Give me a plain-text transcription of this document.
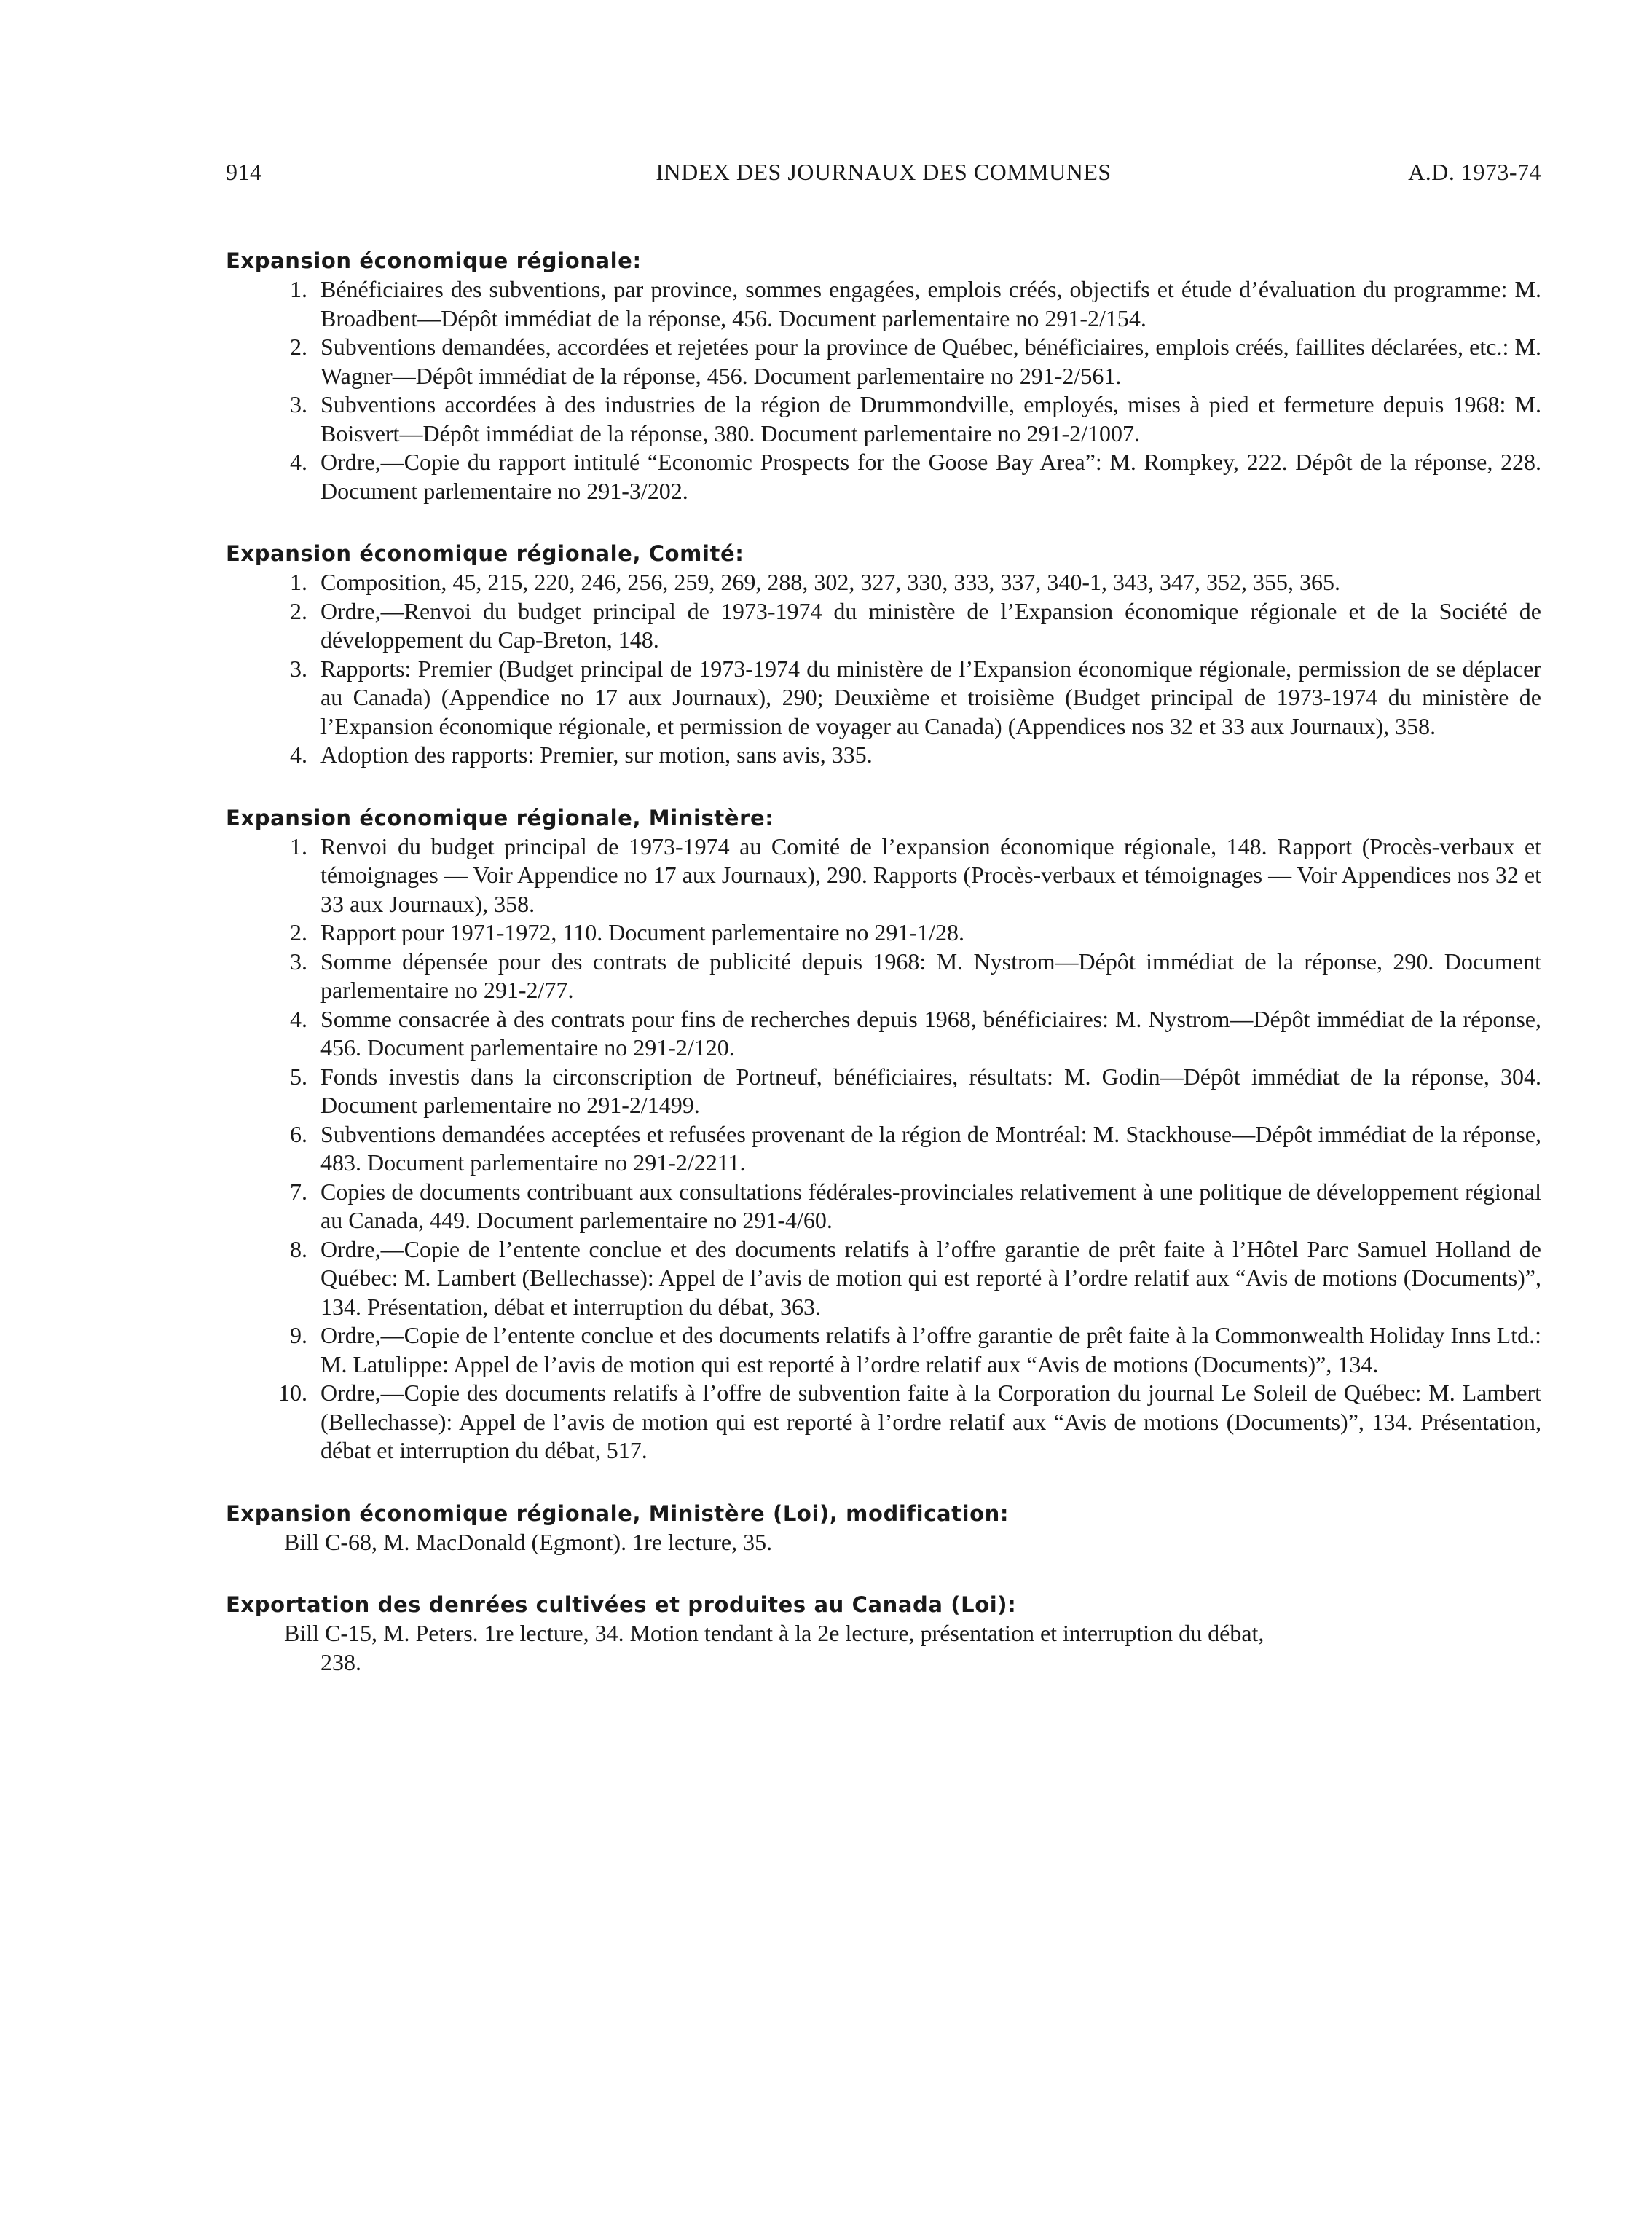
914	INDEX DES JOURNAUX DES COMMUNES	A.D. 1973-74
Expansion économique régionale:
1. Bénéficiaires des subventions, par province, sommes engagées, emplois créés, objectifs et étude d’évaluation du programme: M. Broadbent—Dépôt immédiat de la réponse, 456. Document parlementaire no 291-2/154.
2. Subventions demandées, accordées et rejetées pour la province de Québec, bénéficiaires, emplois créés, faillites déclarées, etc.: M. Wagner—Dépôt immédiat de la réponse, 456. Document parlementaire no 291-2/561.
3. Subventions accordées à des industries de la région de Drummondville, employés, mises à pied et fermeture depuis 1968: M. Boisvert—Dépôt immédiat de la réponse, 380. Document parlementaire no 291-2/1007.
4. Ordre,—Copie du rapport intitulé “Economic Prospects for the Goose Bay Area”: M. Rompkey, 222. Dépôt de la réponse, 228. Document parlementaire no 291-3/202.
Expansion économique régionale, Comité:
1. Composition, 45, 215, 220, 246, 256, 259, 269, 288, 302, 327, 330, 333, 337, 340-1, 343, 347, 352, 355, 365.
2. Ordre,—Renvoi du budget principal de 1973-1974 du ministère de l’Expansion économique régionale et de la Société de développement du Cap-Breton, 148.
3. Rapports: Premier (Budget principal de 1973-1974 du ministère de l’Expansion économique régionale, permission de se déplacer au Canada) (Appendice no 17 aux Journaux), 290; Deuxième et troisième (Budget principal de 1973-1974 du ministère de l’Expansion économique régionale, et permission de voyager au Canada) (Appendices nos 32 et 33 aux Journaux), 358.
4. Adoption des rapports: Premier, sur motion, sans avis, 335.
Expansion économique régionale, Ministère:
1. Renvoi du budget principal de 1973-1974 au Comité de l’expansion économique régionale, 148. Rapport (Procès-verbaux et témoignages — Voir Appendice no 17 aux Journaux), 290. Rapports (Procès-verbaux et témoignages — Voir Appendices nos 32 et 33 aux Journaux), 358.
2. Rapport pour 1971-1972, 110. Document parlementaire no 291-1/28.
3. Somme dépensée pour des contrats de publicité depuis 1968: M. Nystrom—Dépôt immédiat de la réponse, 290. Document parlementaire no 291-2/77.
4. Somme consacrée à des contrats pour fins de recherches depuis 1968, bénéficiaires: M. Nystrom—Dépôt immédiat de la réponse, 456. Document parlementaire no 291-2/120.
5. Fonds investis dans la circonscription de Portneuf, bénéficiaires, résultats: M. Godin—Dépôt immédiat de la réponse, 304. Document parlementaire no 291-2/1499.
6. Subventions demandées acceptées et refusées provenant de la région de Montréal: M. Stackhouse—Dépôt immédiat de la réponse, 483. Document parlementaire no 291-2/2211.
7. Copies de documents contribuant aux consultations fédérales-provinciales relativement à une politique de développement régional au Canada, 449. Document parlementaire no 291-4/60.
8. Ordre,—Copie de l’entente conclue et des documents relatifs à l’offre garantie de prêt faite à l’Hôtel Parc Samuel Holland de Québec: M. Lambert (Bellechasse): Appel de l’avis de motion qui est reporté à l’ordre relatif aux “Avis de motions (Documents)”, 134. Présentation, débat et interruption du débat, 363.
9. Ordre,—Copie de l’entente conclue et des documents relatifs à l’offre garantie de prêt faite à la Commonwealth Holiday Inns Ltd.: M. Latulippe: Appel de l’avis de motion qui est reporté à l’ordre relatif aux “Avis de motions (Documents)”, 134.
10. Ordre,—Copie des documents relatifs à l’offre de subvention faite à la Corporation du journal Le Soleil de Québec: M. Lambert (Bellechasse): Appel de l’avis de motion qui est reporté à l’ordre relatif aux “Avis de motions (Documents)”, 134. Présentation, débat et interruption du débat, 517.
Expansion économique régionale, Ministère (Loi), modification:
Bill C-68, M. MacDonald (Egmont). 1re lecture, 35.
Exportation des denrées cultivées et produites au Canada (Loi):
Bill C-15, M. Peters. 1re lecture, 34. Motion tendant à la 2e lecture, présentation et interruption du débat,
238.
